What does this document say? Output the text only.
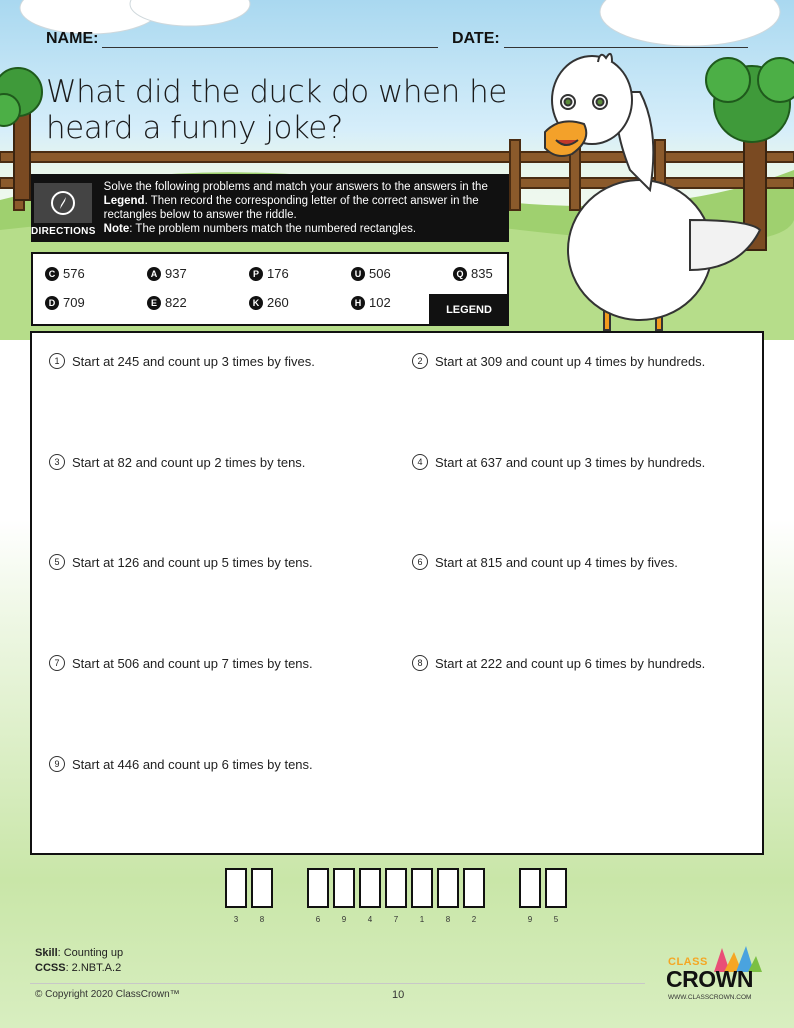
NAME:	DATE:
What did the duck do when he heard a funny joke?
DIRECTIONS
Solve the following problems and match your answers to the answers in the Legend. Then record the corresponding letter of the correct answer in the rectangles below to answer the riddle.
Note: The problem numbers match the numbered rectangles.
C 576	A 937	P 176	U 506	Q 835
D 709	E 822	K 260	H 102	LEGEND
1 Start at 245 and count up 3 times by fives.	2 Start at 309 and count up 4 times by hundreds.
3 Start at 82 and count up 2 times by tens.	4 Start at 637 and count up 3 times by hundreds.
5 Start at 126 and count up 5 times by tens.	6 Start at 815 and count up 4 times by fives.
7 Start at 506 and count up 7 times by tens.	8 Start at 222 and count up 6 times by hundreds.
9 Start at 446 and count up 6 times by tens.
3	8	6	9	4	7	1	8	2	9	5
Skill: Counting up
CCSS: 2.NBT.A.2
© Copyright 2020 ClassCrown™	10
CLASS
CROWN
WWW.CLASSCROWN.COM
